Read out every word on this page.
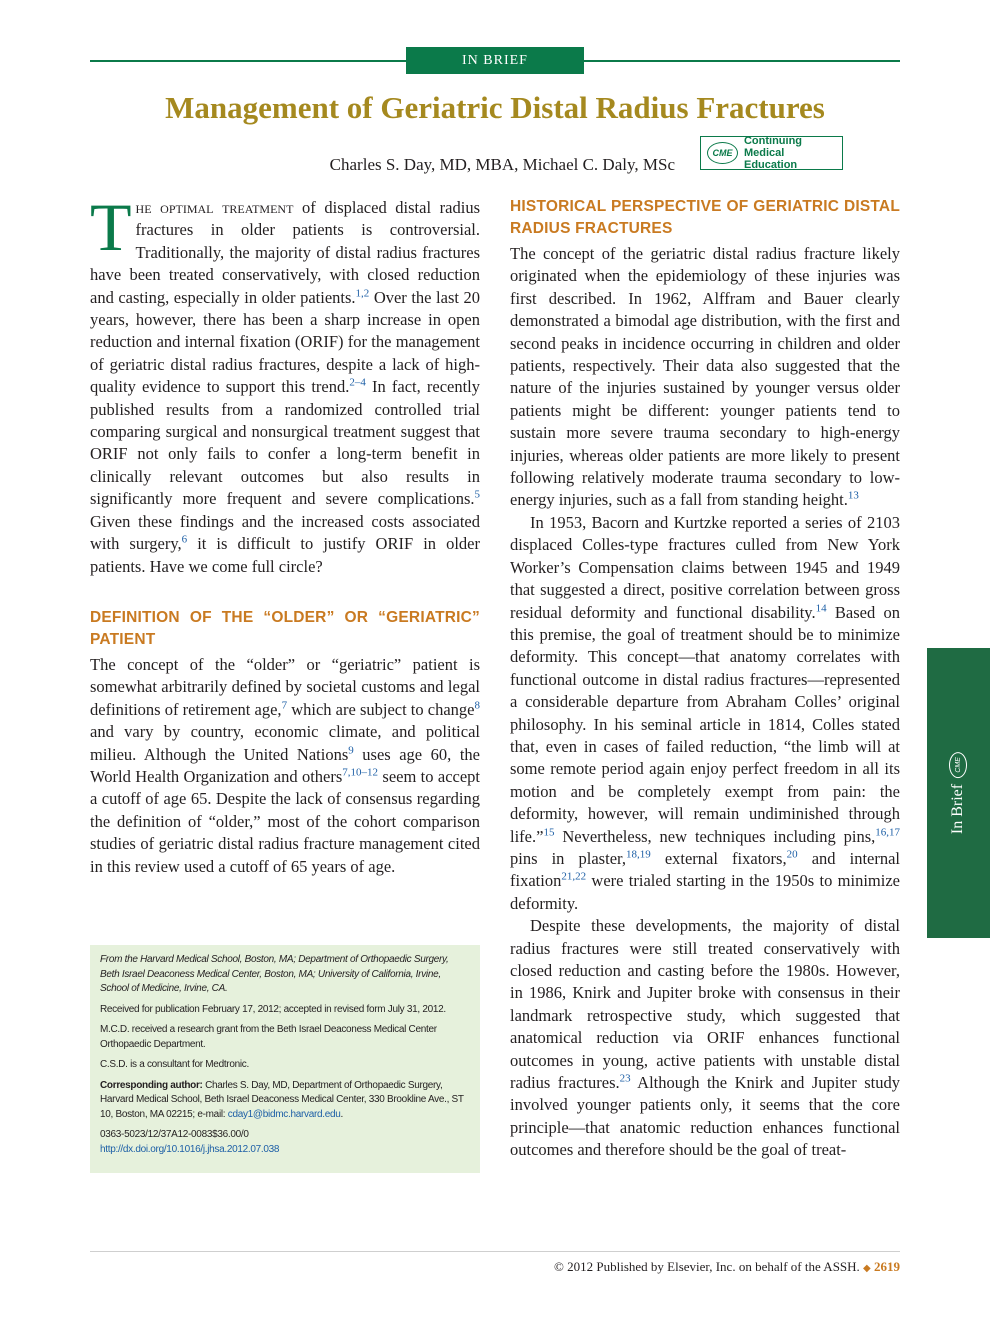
IN BRIEF
Management of Geriatric Distal Radius Fractures
Charles S. Day, MD, MBA, Michael C. Daly, MSc
CME
Continuing Medical
Education

The optimal treatment of displaced distal radius fractures in older patients is controversial. Traditionally, the majority of distal radius fractures have been treated conservatively, with closed reduction and casting, especially in older patients.$^{1,2}$ Over the last 20 years, however, there has been a sharp increase in open reduction and internal fixation (ORIF) for the management of geriatric distal radius fractures, despite a lack of high-quality evidence to support this trend.$^{2-4}$ In fact, recently published results from a randomized controlled trial comparing surgical and nonsurgical treatment suggest that ORIF not only fails to confer a long-term benefit in clinically relevant outcomes but also results in significantly more frequent and severe complications.$^5$ Given these findings and the increased costs associated with surgery,$^6$ it is difficult to justify ORIF in older patients. Have we come full circle?

DEFINITION OF THE “OLDER” OR “GERIATRIC” PATIENT

The concept of the “older” or “geriatric” patient is somewhat arbitrarily defined by societal customs and legal definitions of retirement age,$^7$ which are subject to change$^8$ and vary by country, economic climate, and political milieu. Although the United Nations$^9$ uses age 60, the World Health Organization and others$^{7,10-12}$ seem to accept a cutoff of age 65. Despite the lack of consensus regarding the definition of “older,” most of the cohort comparison studies of geriatric distal radius fracture management cited in this review used a cutoff of 65 years of age.

From the Harvard Medical School, Boston, MA; Department of Orthopaedic Surgery, Beth Israel Deaconess Medical Center, Boston, MA; University of California, Irvine, School of Medicine, Irvine, CA.

Received for publication February 17, 2012; accepted in revised form July 31, 2012.

M.C.D. received a research grant from the Beth Israel Deaconess Medical Center Orthopaedic Department.

C.S.D. is a consultant for Medtronic.

Corresponding author: Charles S. Day, MD, Department of Orthopaedic Surgery, Harvard Medical School, Beth Israel Deaconess Medical Center, 330 Brookline Ave., ST 10, Boston, MA 02215; e-mail: cday1@bidmc.harvard.edu.

0363-5023/12/37A12-0083$36.00/0

http://dx.doi.org/10.1016/j.jhsa.2012.07.038

HISTORICAL PERSPECTIVE OF GERIATRIC DISTAL RADIUS FRACTURES

The concept of the geriatric distal radius fracture likely originated when the epidemiology of these injuries was first described. In 1962, Alffram and Bauer clearly demonstrated a bimodal age distribution, with the first and second peaks in incidence occurring in children and older patients, respectively. Their data also suggested that the nature of the injuries sustained by younger versus older patients might be different: younger patients tend to sustain more severe trauma secondary to high-energy injuries, whereas older patients are more likely to present following relatively moderate trauma secondary to low-energy injuries, such as a fall from standing height.$^{13}$

In 1953, Bacorn and Kurtzke reported a series of 2103 displaced Colles-type fractures culled from New York Worker’s Compensation claims between 1945 and 1949 that suggested a direct, positive correlation between gross residual deformity and functional disability.$^{14}$ Based on this premise, the goal of treatment should be to minimize deformity. This concept—that anatomy correlates with functional outcome in distal radius fractures—represented a considerable departure from Abraham Colles’ original philosophy. In his seminal article in 1814, Colles stated that, even in cases of failed reduction, “the limb will at some remote period again enjoy perfect freedom in all its motion and be completely exempt from pain: the deformity, however, will remain undiminished through life.”$^{15}$ Nevertheless, new techniques including pins,$^{16,17}$ pins in plaster,$^{18,19}$ external fixators,$^{20}$ and internal fixation$^{21,22}$ were trialed starting in the 1950s to minimize deformity.

Despite these developments, the majority of distal radius fractures were still treated conservatively with closed reduction and casting before the 1980s. However, in 1986, Knirk and Jupiter broke with consensus in their landmark retrospective study, which suggested that anatomical reduction via ORIF enhances functional outcomes in young, active patients with unstable distal radius fractures.$^{23}$ Although the Knirk and Jupiter study involved younger patients only, it seems that the core principle—that anatomic reduction enhances functional outcomes and therefore should be the goal of treat-

In Brief
CME
© 2012 Published by Elsevier, Inc. on behalf of the ASSH. ◆ 2619
